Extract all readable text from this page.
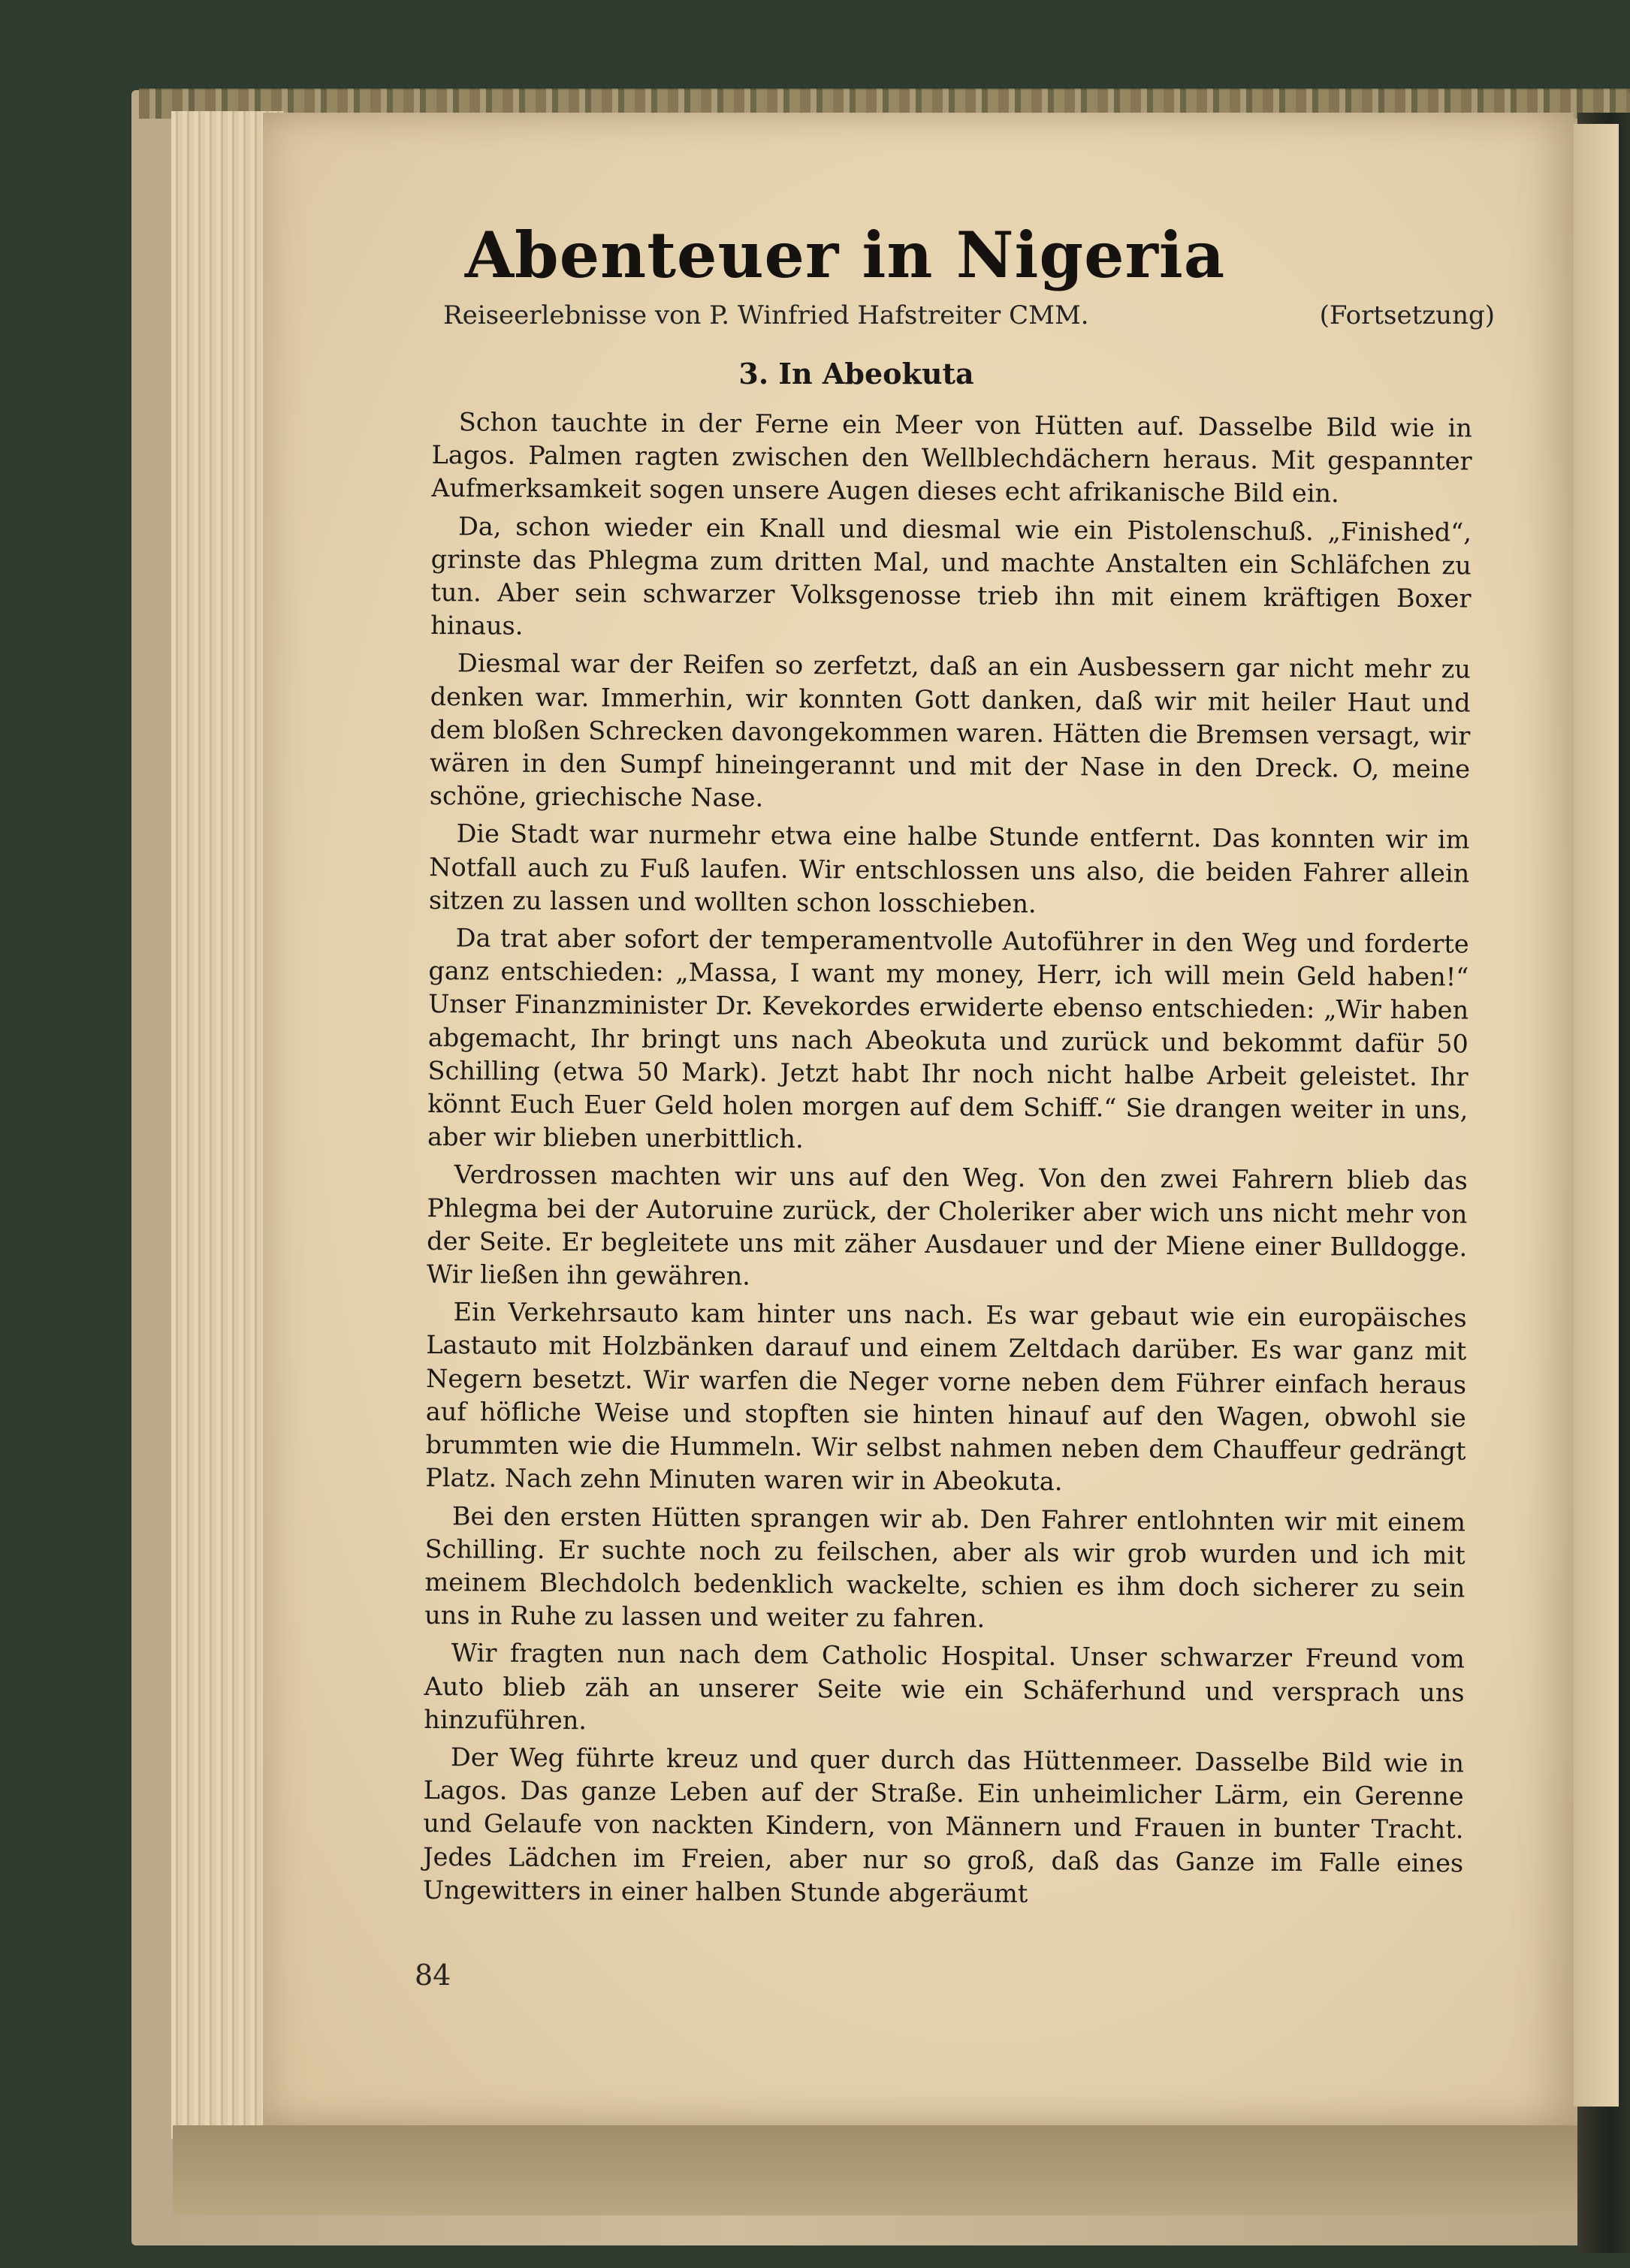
Abenteuer in Nigeria
Reiseerlebnisse von P. Winfried Hafstreiter CMM.	(Fortsetzung)
3. In Abeokuta

Schon tauchte in der Ferne ein Meer von Hütten auf. Dasselbe Bild wie in Lagos. Palmen ragten zwischen den Wellblechdächern heraus. Mit gespannter Aufmerksamkeit sogen unsere Augen dieses echt afrikanische Bild ein.

Da, schon wieder ein Knall und diesmal wie ein Pistolenschuß. „Finished“, grinste das Phlegma zum dritten Mal, und machte Anstalten ein Schläfchen zu tun. Aber sein schwarzer Volksgenosse trieb ihn mit einem kräftigen Boxer hinaus.

Diesmal war der Reifen so zerfetzt, daß an ein Ausbessern gar nicht mehr zu denken war. Immerhin, wir konnten Gott danken, daß wir mit heiler Haut und dem bloßen Schrecken davongekommen waren. Hätten die Bremsen versagt, wir wären in den Sumpf hineingerannt und mit der Nase in den Dreck. O, meine schöne, griechische Nase.

Die Stadt war nurmehr etwa eine halbe Stunde entfernt. Das konnten wir im Notfall auch zu Fuß laufen. Wir entschlossen uns also, die beiden Fahrer allein sitzen zu lassen und wollten schon losschieben.

Da trat aber sofort der temperamentvolle Autoführer in den Weg und forderte ganz entschieden: „Massa, I want my money, Herr, ich will mein Geld haben!“ Unser Finanzminister Dr. Kevekordes erwiderte ebenso entschieden: „Wir haben abgemacht, Ihr bringt uns nach Abeokuta und zurück und bekommt dafür 50 Schilling (etwa 50 Mark). Jetzt habt Ihr noch nicht halbe Arbeit geleistet. Ihr könnt Euch Euer Geld holen morgen auf dem Schiff.“ Sie drangen weiter in uns, aber wir blieben unerbittlich.

Verdrossen machten wir uns auf den Weg. Von den zwei Fahrern blieb das Phlegma bei der Autoruine zurück, der Choleriker aber wich uns nicht mehr von der Seite. Er begleitete uns mit zäher Ausdauer und der Miene einer Bulldogge. Wir ließen ihn gewähren.

Ein Verkehrsauto kam hinter uns nach. Es war gebaut wie ein europäisches Lastauto mit Holzbänken darauf und einem Zeltdach darüber. Es war ganz mit Negern besetzt. Wir warfen die Neger vorne neben dem Führer einfach heraus auf höfliche Weise und stopften sie hinten hinauf auf den Wagen, obwohl sie brummten wie die Hummeln. Wir selbst nahmen neben dem Chauffeur gedrängt Platz. Nach zehn Minuten waren wir in Abeokuta.

Bei den ersten Hütten sprangen wir ab. Den Fahrer entlohnten wir mit einem Schilling. Er suchte noch zu feilschen, aber als wir grob wurden und ich mit meinem Blechdolch bedenklich wackelte, schien es ihm doch sicherer zu sein uns in Ruhe zu lassen und weiter zu fahren.

Wir fragten nun nach dem Catholic Hospital. Unser schwarzer Freund vom Auto blieb zäh an unserer Seite wie ein Schäferhund und versprach uns hinzuführen.

Der Weg führte kreuz und quer durch das Hüttenmeer. Dasselbe Bild wie in Lagos. Das ganze Leben auf der Straße. Ein unheimlicher Lärm, ein Gerenne und Gelaufe von nackten Kindern, von Männern und Frauen in bunter Tracht. Jedes Lädchen im Freien, aber nur so groß, daß das Ganze im Falle eines Ungewitters in einer halben Stunde abgeräumt

84
